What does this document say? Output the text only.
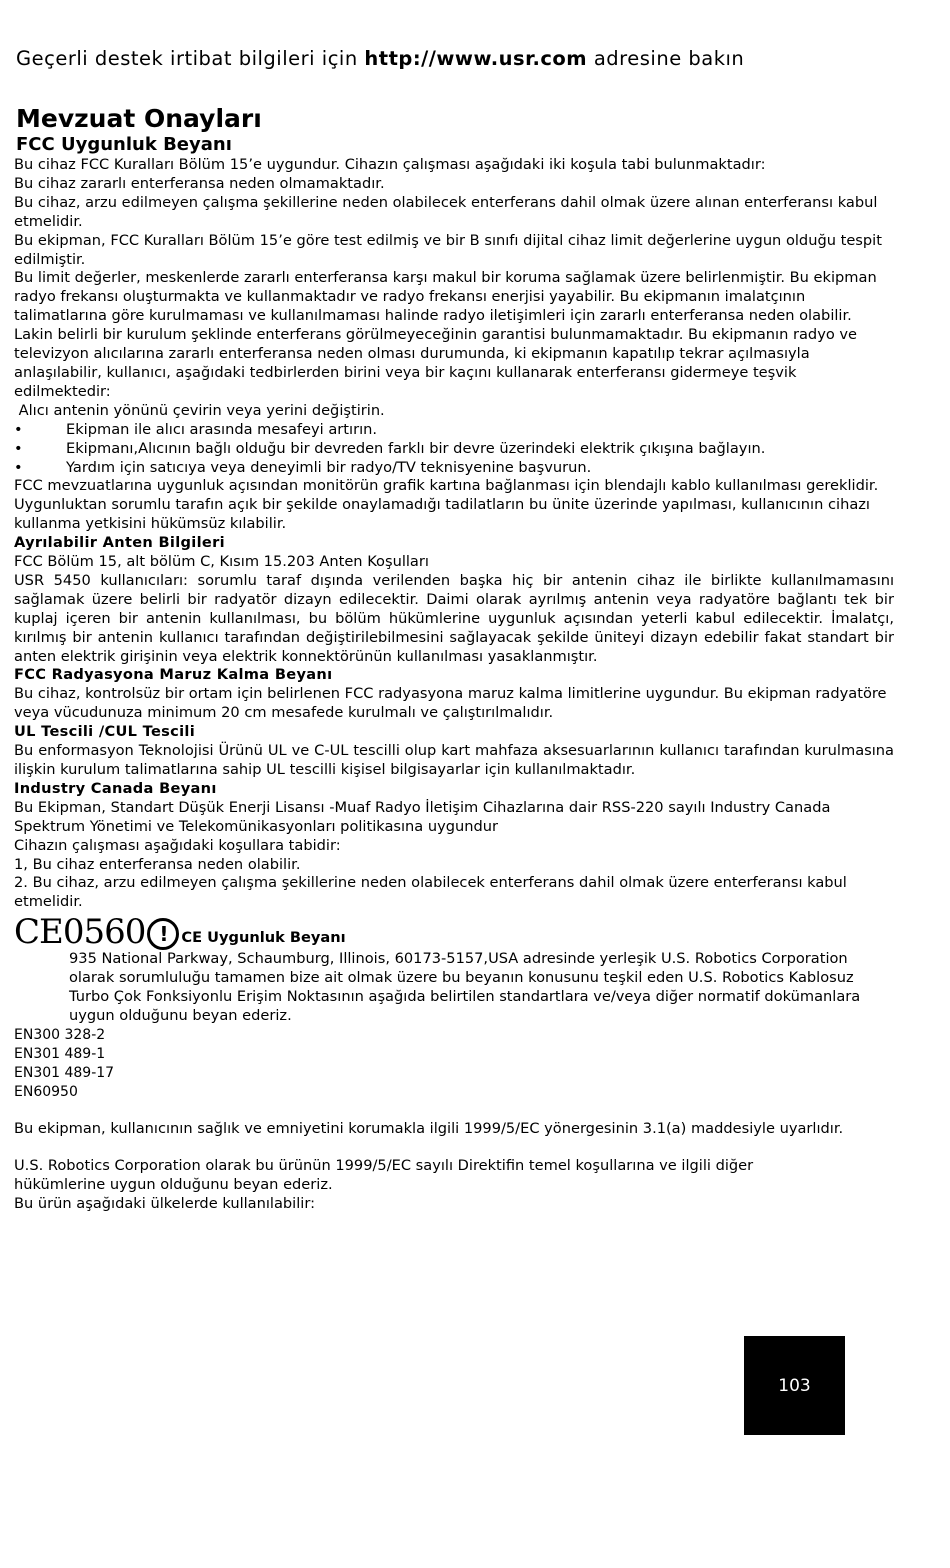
Geçerli destek irtibat bilgileri için http://www.usr.com adresine bakın
Mevzuat Onayları
FCC Uygunluk Beyanı

Bu cihaz FCC Kuralları Bölüm 15’e uygundur. Cihazın çalışması aşağıdaki iki koşula tabi bulunmaktadır:

Bu cihaz zararlı enterferansa neden olmamaktadır.

Bu cihaz, arzu edilmeyen çalışma şekillerine neden olabilecek enterferans dahil olmak üzere alınan enterferansı kabul etmelidir.

Bu ekipman, FCC Kuralları Bölüm 15’e göre test edilmiş ve bir B sınıfı dijital cihaz limit değerlerine uygun olduğu tespit edilmiştir.

Bu limit değerler, meskenlerde zararlı enterferansa karşı makul bir koruma sağlamak üzere belirlenmiştir. Bu ekipman radyo frekansı oluşturmakta ve kullanmaktadır ve radyo frekansı enerjisi yayabilir. Bu ekipmanın imalatçının talimatlarına göre kurulmaması ve kullanılmaması halinde radyo iletişimleri için zararlı enterferansa neden olabilir. Lakin belirli bir kurulum şeklinde enterferans görülmeyeceğinin garantisi bulunmamaktadır. Bu ekipmanın radyo ve televizyon alıcılarına zararlı enterferansa neden olması durumunda, ki ekipmanın kapatılıp tekrar açılmasıyla anlaşılabilir, kullanıcı, aşağıdaki tedbirlerden birini veya bir kaçını kullanarak enterferansı gidermeye teşvik edilmektedir:

Alıcı antenin yönünü çevirin veya yerini değiştirin.

•	Ekipman ile alıcı arasında mesafeyi artırın.
•	Ekipmanı,Alıcının bağlı olduğu bir devreden farklı bir devre üzerindeki elektrik çıkışına bağlayın.
•	Yardım için satıcıya veya deneyimli bir radyo/TV teknisyenine başvurun.

FCC mevzuatlarına uygunluk açısından monitörün grafik kartına bağlanması için blendajlı kablo kullanılması gereklidir. Uygunluktan sorumlu tarafın açık bir şekilde onaylamadığı tadilatların bu ünite üzerinde yapılması, kullanıcının cihazı kullanma yetkisini hükümsüz kılabilir.

Ayrılabilir Anten Bilgileri

FCC Bölüm 15, alt bölüm C, Kısım 15.203 Anten Koşulları

USR 5450 kullanıcıları: sorumlu taraf dışında verilenden başka hiç bir antenin cihaz ile birlikte kullanılmamasını sağlamak üzere belirli bir radyatör dizayn edilecektir. Daimi olarak ayrılmış antenin veya radyatöre bağlantı tek bir kuplaj içeren bir antenin kullanılması, bu bölüm hükümlerine uygunluk açısından yeterli kabul edilecektir. İmalatçı, kırılmış bir antenin kullanıcı tarafından değiştirilebilmesini sağlayacak şekilde üniteyi dizayn edebilir fakat standart bir anten elektrik girişinin veya elektrik konnektörünün kullanılması yasaklanmıştır.

FCC Radyasyona Maruz Kalma Beyanı

Bu cihaz, kontrolsüz bir ortam için belirlenen FCC radyasyona maruz kalma limitlerine uygundur. Bu ekipman radyatöre veya vücudunuza minimum 20 cm mesafede kurulmalı ve çalıştırılmalıdır.

UL Tescili /CUL Tescili

Bu enformasyon Teknolojisi Ürünü UL ve C-UL tescilli olup kart mahfaza aksesuarlarının kullanıcı tarafından kurulmasına ilişkin kurulum talimatlarına sahip UL tescilli kişisel bilgisayarlar için kullanılmaktadır.

Industry Canada Beyanı

Bu Ekipman, Standart Düşük Enerji Lisansı -Muaf Radyo İletişim Cihazlarına dair RSS-220 sayılı Industry Canada Spektrum Yönetimi ve Telekomünikasyonları politikasına uygundur

Cihazın çalışması aşağıdaki koşullara tabidir:

1, Bu cihaz enterferansa neden olabilir.

2. Bu cihaz, arzu edilmeyen çalışma şekillerine neden olabilecek enterferans dahil olmak üzere enterferansı kabul etmelidir.

CE0560 ! CE Uygunluk Beyanı

935 National Parkway, Schaumburg, Illinois, 60173-5157,USA adresinde yerleşik U.S. Robotics Corporation olarak sorumluluğu tamamen bize ait olmak üzere bu beyanın konusunu teşkil eden U.S. Robotics Kablosuz Turbo Çok Fonksiyonlu Erişim Noktasının aşağıda belirtilen standartlara ve/veya diğer normatif dokümanlara uygun olduğunu beyan ederiz.

EN300 328-2

EN301 489-1

EN301 489-17

EN60950

Bu ekipman, kullanıcının sağlık ve emniyetini korumakla ilgili 1999/5/EC yönergesinin 3.1(a) maddesiyle uyarlıdır.

U.S. Robotics Corporation olarak bu ürünün 1999/5/EC sayılı Direktifin temel koşullarına ve ilgili diğer hükümlerine uygun olduğunu beyan ederiz.

Bu ürün aşağıdaki ülkelerde kullanılabilir:

103
